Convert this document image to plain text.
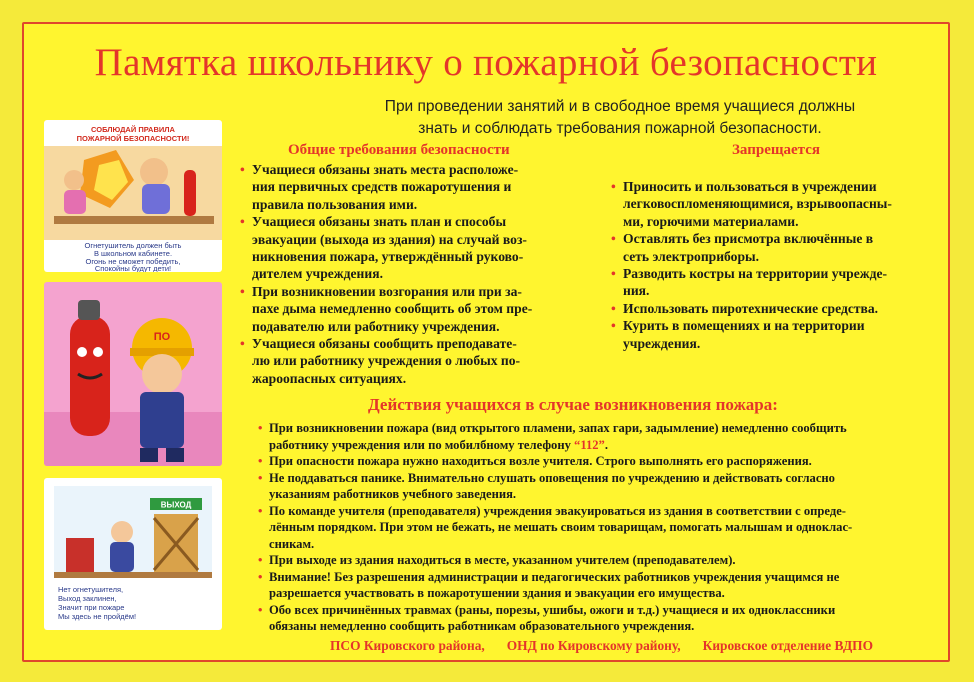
Памятка школьнику о пожарной безопасности
При проведении занятий и в свободное время учащиеся должны
знать и соблюдать требования пожарной безопасности.
СОБЛЮДАЙ ПРАВИЛА
ПОЖАРНОЙ БЕЗОПАСНОСТИ!
Огнетушитель должен быть
В школьном кабинете.
Огонь не сможет победить,
Спокойны будут дети!
ПО
ВЫХОД
Нет огнетушителя,
Выход заклинен,
Значит при пожаре
Мы здесь не пройдём!
Общие требования безопасности
• Учащиеся обязаны знать места расположе-
ния первичных средств пожаротушения и
правила пользования ими.
• Учащиеся обязаны знать план и способы
эвакуации (выхода из здания) на случай воз-
никновения пожара, утверждённый руково-
дителем учреждения.
• При возникновении возгорания или при за-
пахе дыма немедленно сообщить об этом пре-
подавателю или работнику учреждения.
• Учащиеся обязаны сообщить преподавате-
лю или работнику учреждения о любых по-
жароопасных ситуациях.
Запрещается
• Приносить и пользоваться в учреждении
легковоспломеняющимися, взрывоопасны-
ми, горючими материалами.
• Оставлять без присмотра включённые в
сеть электроприборы.
• Разводить костры на территории учрежде-
ния.
• Использовать пиротехнические средства.
• Курить в помещениях и на территории
учреждения.
Действия учащихся в случае возникновения пожара:
• При возникновении пожара (вид открытого пламени, запах гари, задымление) немедленно сообщить
работнику учреждения или по мобилбному телефону “112”.
• При опасности пожара нужно находиться возле учителя. Строго выполнять его распоряжения.
• Не поддаваться панике. Внимательно слушать оповещения по учреждению и действовать согласно
указаниям работников учебного заведения.
• По команде учителя (преподавателя) учреждения эвакуироваться из здания в соответствии с опреде-
лённым порядком. При этом не бежать, не мешать своим товарищам, помогать малышам и однoклас-
сникам.
• При выходе из здания находиться в месте, указанном учителем (преподавателем).
• Внимание! Без разрешения администрации и педагогических работников учреждения учащимся не
разрешается участвовать в пожаротушении здания и эвакуации его имущества.
• Обо всех причинённых травмах (раны, порезы, ушибы, ожоги и т.д.) учащиеся и их одноклассники
обязаны немедленно сообщить работникам образовательного учреждения.
ПСО Кировского района, ОНД по Кировскому району, Кировское отделение ВДПО
